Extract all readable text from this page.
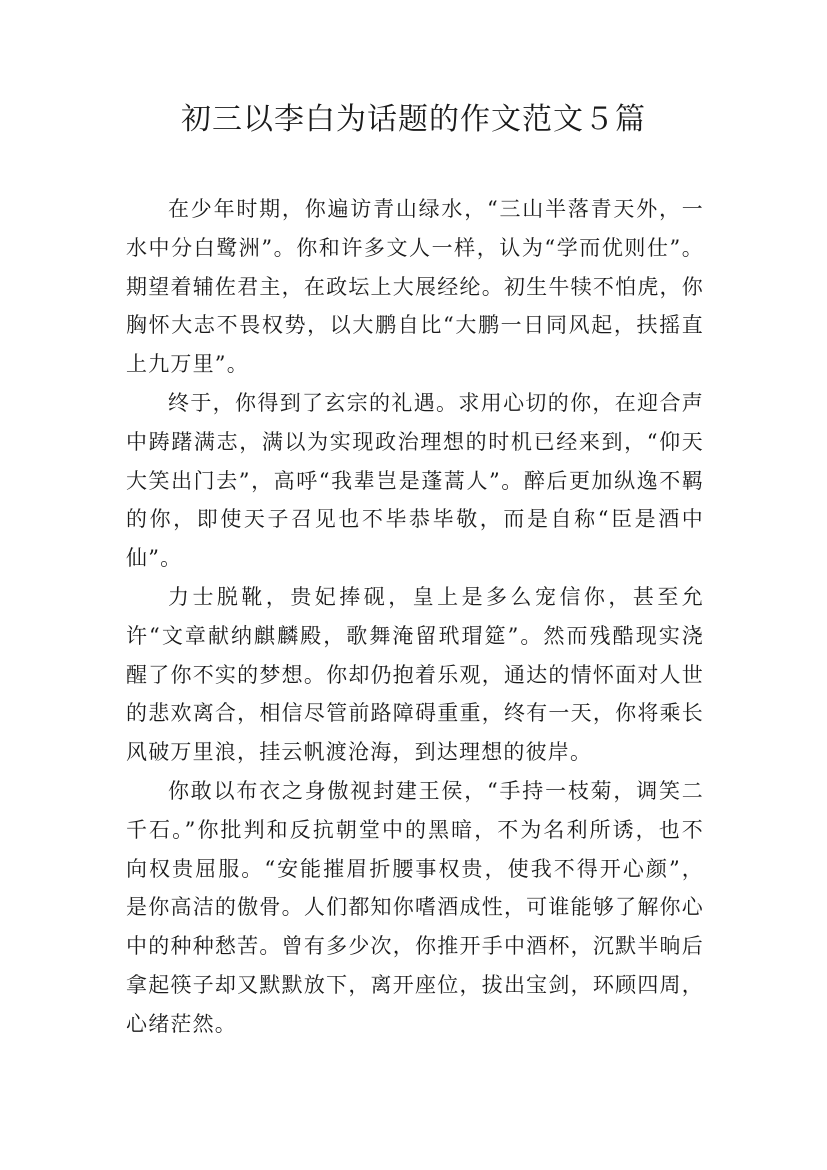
初三以李白为话题的作文范文５篇

在少年时期，你遍访青山绿水，“三山半落青天外，一水中分白鹭洲”。你和许多文人一样，认为“学而优则仕”。期望着辅佐君主，在政坛上大展经纶。初生牛犊不怕虎，你胸怀大志不畏权势，以大鹏自比“大鹏一日同风起，扶摇直上九万里”。

终于，你得到了玄宗的礼遇。求用心切的你，在迎合声中踌躇满志，满以为实现政治理想的时机已经来到，“仰天大笑出门去”，高呼“我辈岂是蓬蒿人”。醉后更加纵逸不羁的你，即使天子召见也不毕恭毕敬，而是自称“臣是酒中仙”。

力士脱靴，贵妃捧砚，皇上是多么宠信你，甚至允许“文章献纳麒麟殿，歌舞淹留玳瑁筵”。然而残酷现实浇醒了你不实的梦想。你却仍抱着乐观，通达的情怀面对人世的悲欢离合，相信尽管前路障碍重重，终有一天，你将乘长风破万里浪，挂云帆渡沧海，到达理想的彼岸。

你敢以布衣之身傲视封建王侯，“手持一枝菊，调笑二千石。”你批判和反抗朝堂中的黑暗，不为名利所诱，也不向权贵屈服。“安能摧眉折腰事权贵，使我不得开心颜”，是你高洁的傲骨。人们都知你嗜酒成性，可谁能够了解你心中的种种愁苦。曾有多少次，你推开手中酒杯，沉默半晌后拿起筷子却又默默放下，离开座位，拔出宝剑，环顾四周，心绪茫然。
